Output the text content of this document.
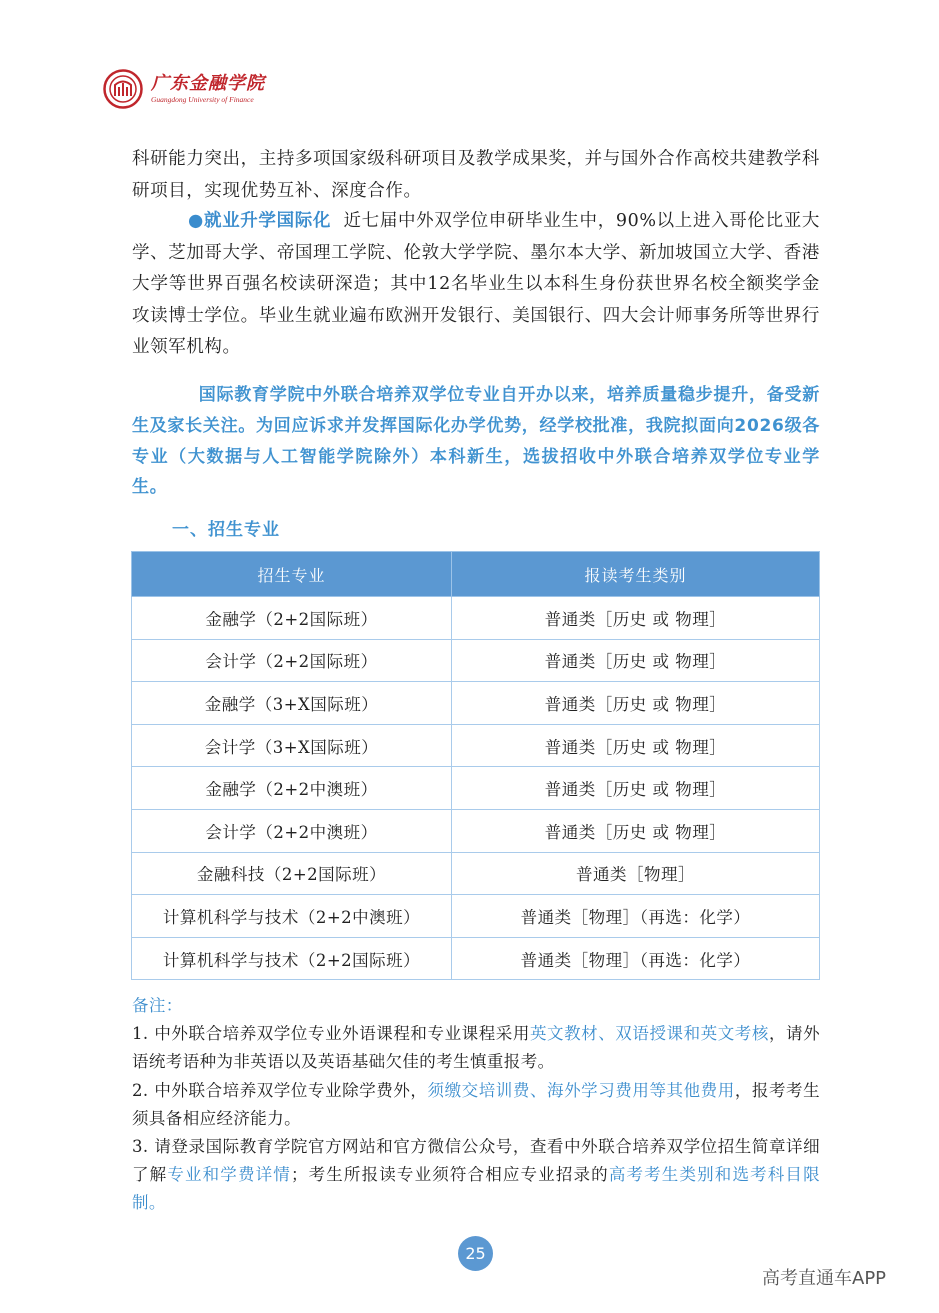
广东金融学院
Guangdong University of Finance

科研能力突出，主持多项国家级科研项目及教学成果奖，并与国外合作高校共建教学科研项目，实现优势互补、深度合作。

●就业升学国际化 近七届中外双学位申研毕业生中，90%以上进入哥伦比亚大学、芝加哥大学、帝国理工学院、伦敦大学学院、墨尔本大学、新加坡国立大学、香港大学等世界百强名校读研深造；其中12名毕业生以本科生身份获世界名校全额奖学金攻读博士学位。毕业生就业遍布欧洲开发银行、美国银行、四大会计师事务所等世界行业领军机构。

国际教育学院中外联合培养双学位专业自开办以来，培养质量稳步提升，备受新生及家长关注。为回应诉求并发挥国际化办学优势，经学校批准，我院拟面向2026级各专业（大数据与人工智能学院除外）本科新生，选拔招收中外联合培养双学位专业学生。

一、招生专业
招生专业	报读考生类别
金融学（2+2国际班）	普通类［历史 或 物理］
会计学（2+2国际班）	普通类［历史 或 物理］
金融学（3+X国际班）	普通类［历史 或 物理］
会计学（3+X国际班）	普通类［历史 或 物理］
金融学（2+2中澳班）	普通类［历史 或 物理］
会计学（2+2中澳班）	普通类［历史 或 物理］
金融科技（2+2国际班）	普通类［物理］
计算机科学与技术（2+2中澳班）	普通类［物理］（再选：化学）
计算机科学与技术（2+2国际班）	普通类［物理］（再选：化学）

备注：

1. 中外联合培养双学位专业外语课程和专业课程采用英文教材、双语授课和英文考核，请外语统考语种为非英语以及英语基础欠佳的考生慎重报考。

2. 中外联合培养双学位专业除学费外，须缴交培训费、海外学习费用等其他费用，报考考生须具备相应经济能力。

3. 请登录国际教育学院官方网站和官方微信公众号，查看中外联合培养双学位招生简章详细了解专业和学费详情；考生所报读专业须符合相应专业招录的高考考生类别和选考科目限制。

25
高考直通车APP
